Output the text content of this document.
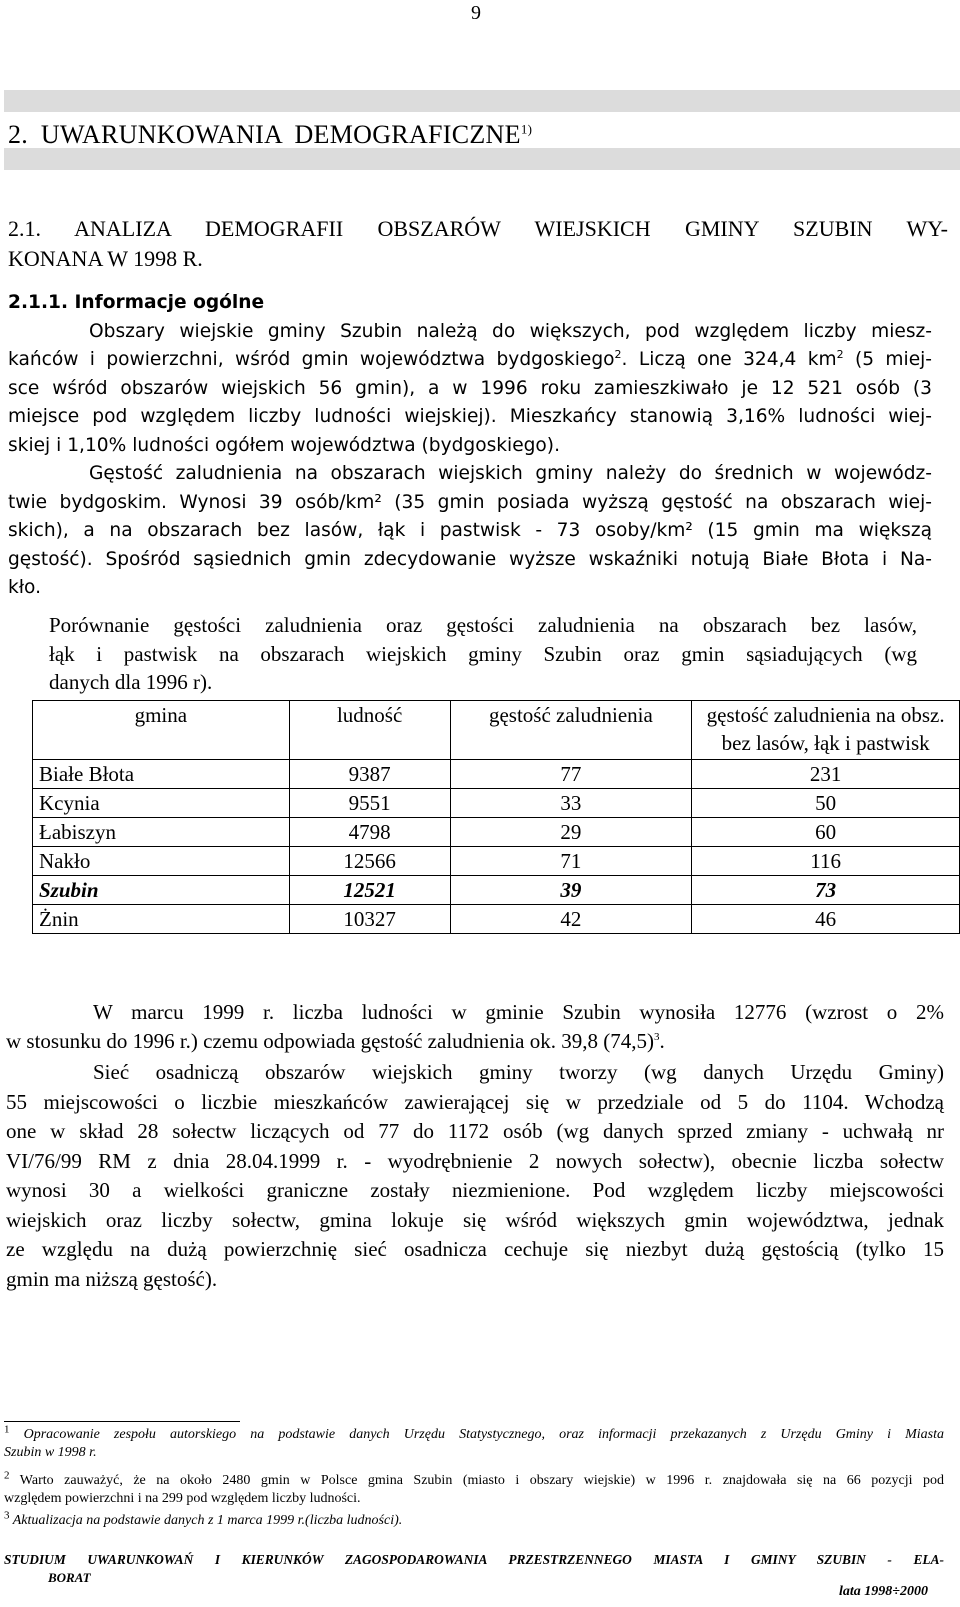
9
2. UWARUNKOWANIA DEMOGRAFICZNE$^{1)}$
2.1. ANALIZA DEMOGRAFII OBSZARÓW WIEJSKICH GMINY SZUBIN WY-
KONANA W 1998 R.
2.1.1. Informacje ogólne
Obszary wiejskie gminy Szubin należą do większych, pod względem liczby miesz-
kańców i powierzchni, wśród gmin województwa bydgoskiego$^2$. Liczą one 324,4 $km^2$ (5 miej-
sce wśród obszarów wiejskich 56 gmin), a w 1996 roku zamieszkiwało je 12 521 osób (3
miejsce pod względem liczby ludności wiejskiej). Mieszkańcy stanowią 3,16% ludności wiej-
skiej i 1,10% ludności ogółem województwa (bydgoskiego).
Gęstość zaludnienia na obszarach wiejskich gminy należy do średnich w wojewódz-
twie bydgoskim. Wynosi 39 osób/km² (35 gmin posiada wyższą gęstość na obszarach wiej-
skich), a na obszarach bez lasów, łąk i pastwisk - 73 osoby/km² (15 gmin ma większą
gęstość). Spośród sąsiednich gmin zdecydowanie wyższe wskaźniki notują Białe Błota i Na-
kło.
Porównanie gęstości zaludnienia oraz gęstości zaludnienia na obszarach bez lasów,
łąk i pastwisk na obszarach wiejskich gminy Szubin oraz gmin sąsiadujących (wg
danych dla 1996 r).
gmina	ludność	gęstość zaludnienia	gęstość zaludnienia na obsz. bez lasów, łąk i pastwisk
Białe Błota	9387	77	231
Kcynia	9551	33	50
Łabiszyn	4798	29	60
Nakło	12566	71	116
Szubin	12521	39	73
Żnin	10327	42	46
W marcu 1999 r. liczba ludności w gminie Szubin wynosiła 12776 (wzrost o 2%
w stosunku do 1996 r.) czemu odpowiada gęstość zaludnienia ok. 39,8 $(74,5)^3$.
Sieć osadniczą obszarów wiejskich gminy tworzy (wg danych Urzędu Gminy)
55 miejscowości o liczbie mieszkańców zawierającej się w przedziale od 5 do 1104. Wchodzą
one w skład 28 sołectw liczących od 77 do 1172 osób (wg danych sprzed zmiany - uchwałą nr
VI/76/99 RM z dnia 28.04.1999 r. - wyodrębnienie 2 nowych sołectw), obecnie liczba sołectw
wynosi 30 a wielkości graniczne zostały niezmienione. Pod względem liczby miejscowości
wiejskich oraz liczby sołectw, gmina lokuje się wśród większych gmin województwa, jednak
ze względu na dużą powierzchnię sieć osadnicza cechuje się niezbyt dużą gęstością (tylko 15
gmin ma niższą gęstość).
$^1$ Opracowanie zespołu autorskiego na podstawie danych Urzędu Statystycznego, oraz informacji przekazanych z Urzędu Gminy i Miasta
Szubin w 1998 r.
$^2$ Warto zauważyć, że na około 2480 gmin w Polsce gmina Szubin (miasto i obszary wiejskie) w 1996 r. znajdowała się na 66 pozycji pod
względem powierzchni i na 299 pod względem liczby ludności.
$^3$ Aktualizacja na podstawie danych z 1 marca 1999 r.(liczba ludności).
STUDIUM UWARUNKOWAŃ I KIERUNKÓW ZAGOSPODAROWANIA PRZESTRZENNEGO MIASTA I GMINY SZUBIN - ELA-
BORAT
lata 1998÷2000
